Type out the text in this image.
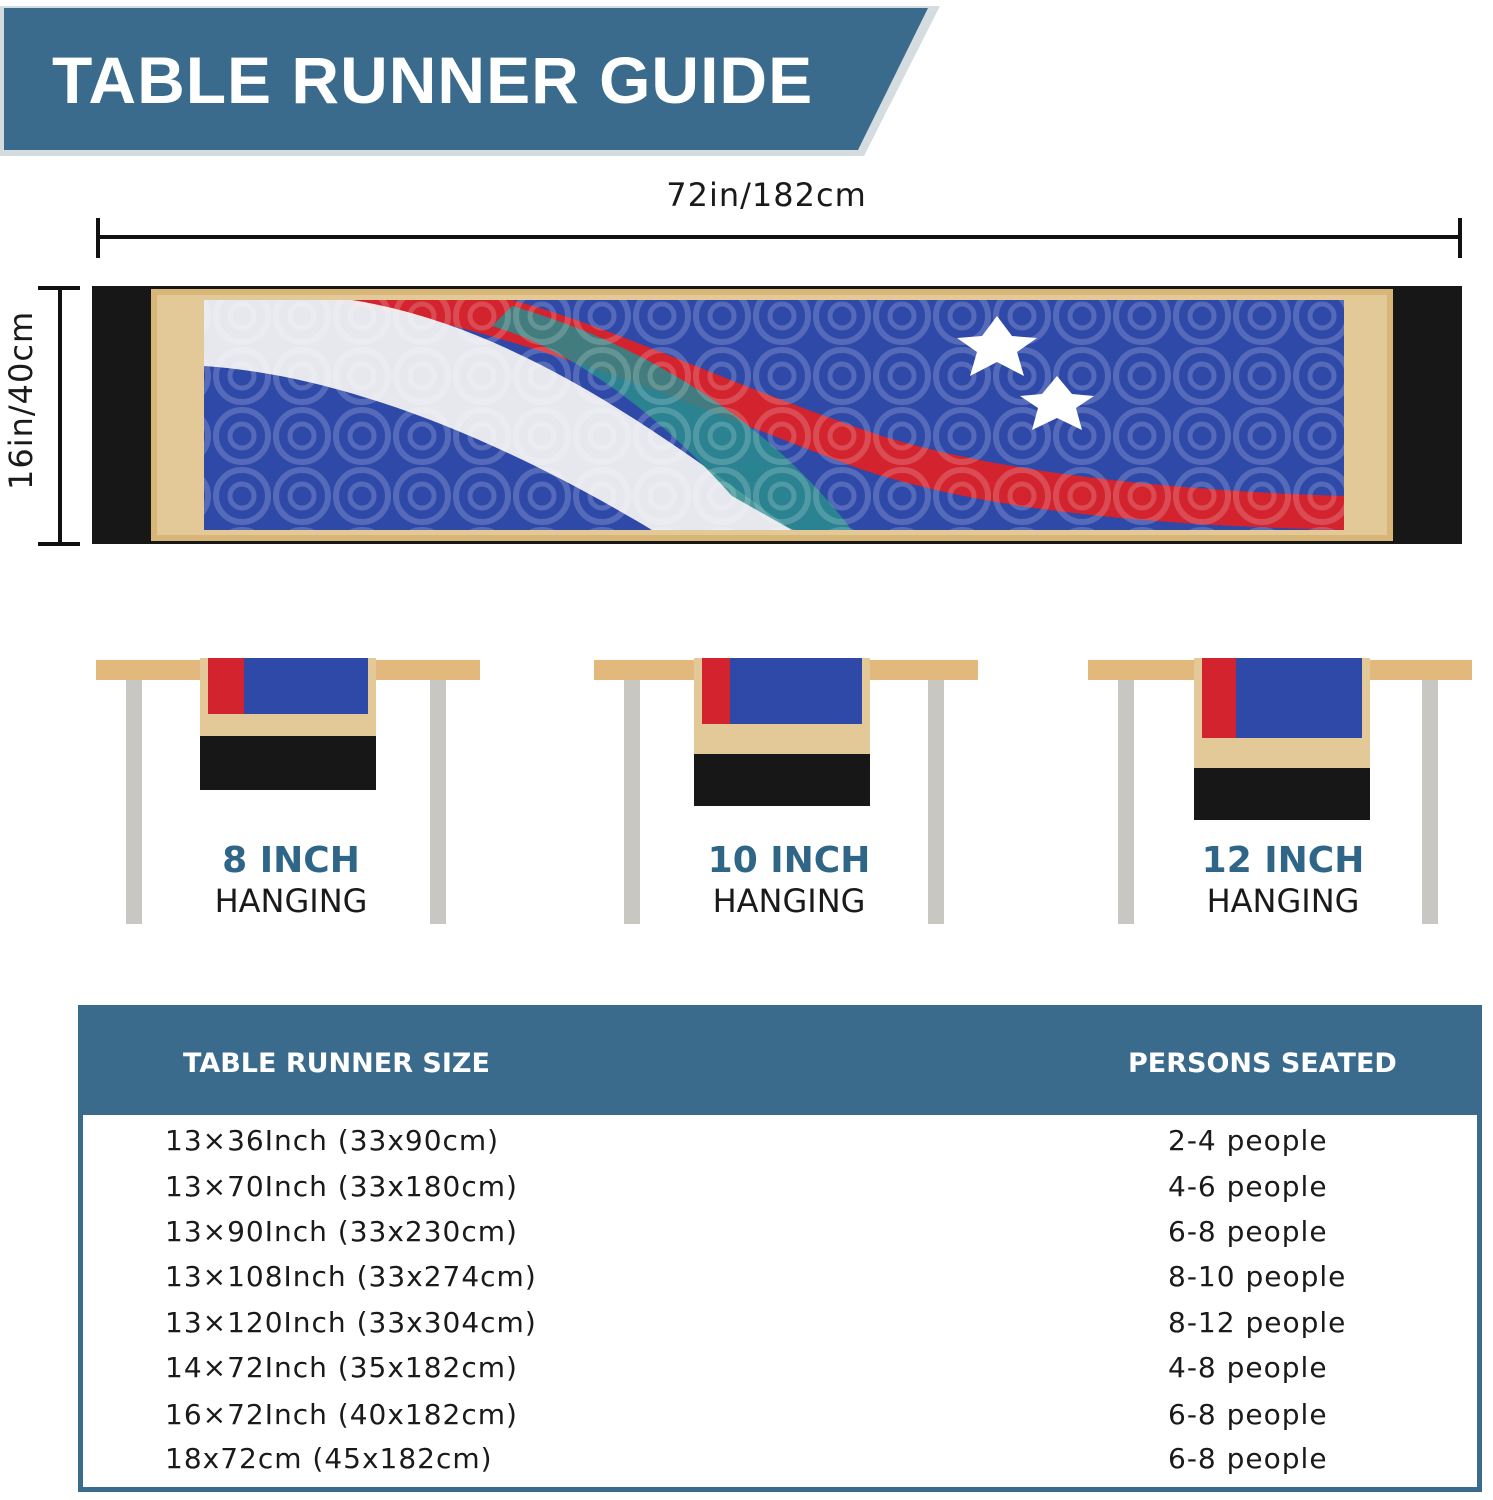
TABLE RUNNER GUIDE
72in/182cm
16in/40cm
8 INCH
HANGING
10 INCH
HANGING
12 INCH
HANGING
TABLE RUNNER SIZE	PERSONS SEATED
13×36Inch (33x90cm)	2-4 people
13×70Inch (33x180cm)	4-6 people
13×90Inch (33x230cm)	6-8 people
13×108Inch (33x274cm)	8-10 people
13×120Inch (33x304cm)	8-12 people
14×72Inch (35x182cm)	4-8 people
16×72Inch (40x182cm)	6-8 people
18x72cm (45x182cm)	6-8 people
